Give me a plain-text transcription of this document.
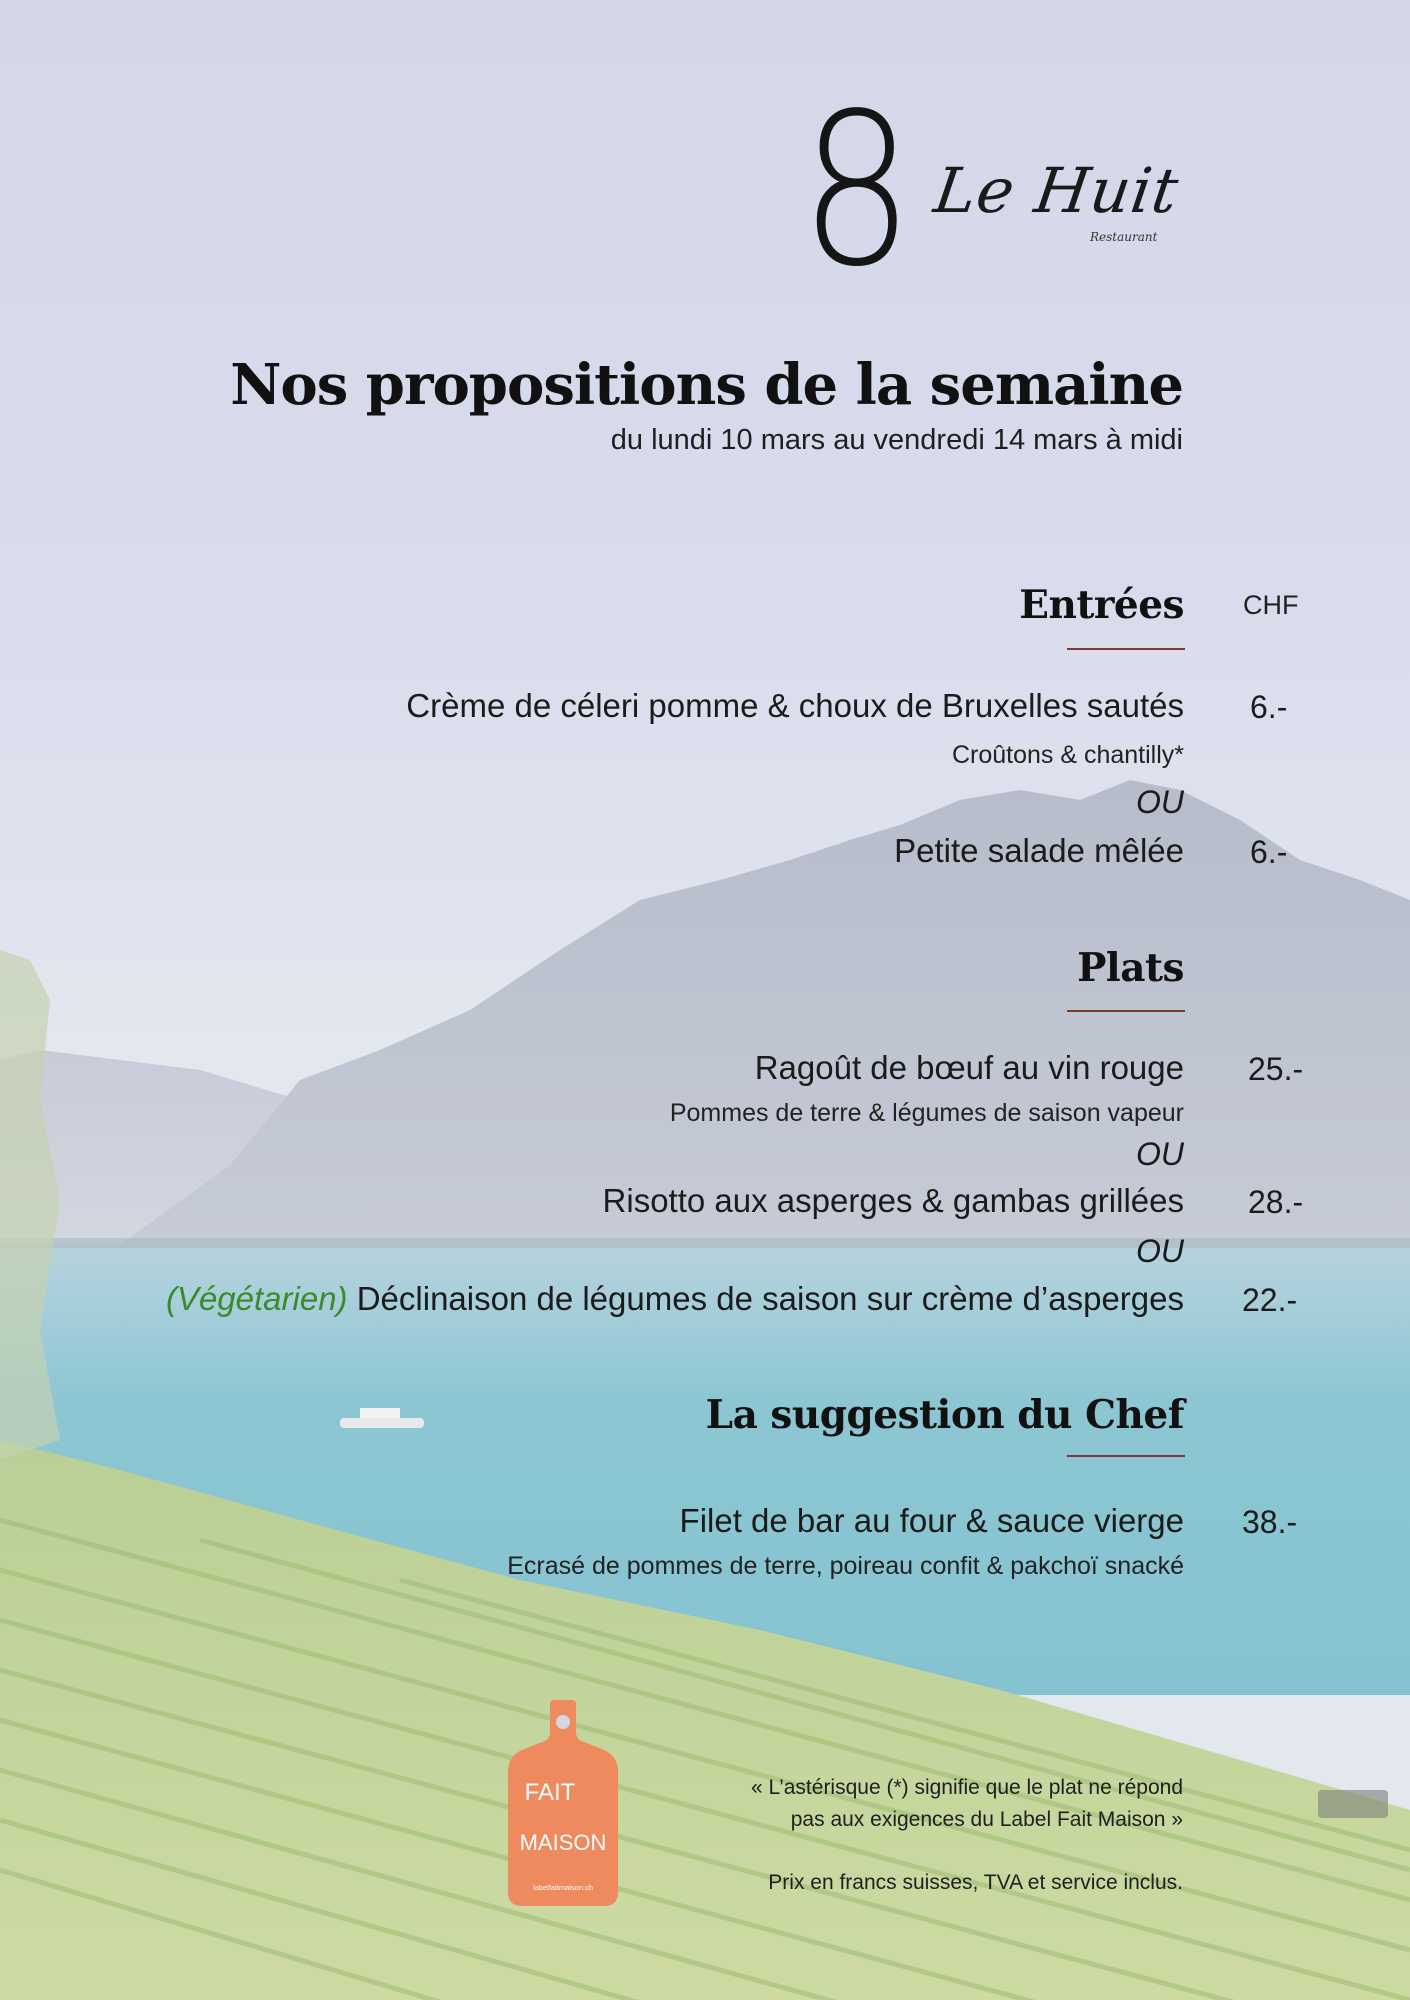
8 Le Huit
Restaurant
Nos propositions de la semaine
du lundi 10 mars au vendredi 14 mars à midi
Entrées CHF
Crème de céleri pomme & choux de Bruxelles sautés 6.-
Croûtons & chantilly*
OU
Petite salade mêlée 6.-
Plats
Ragoût de bœuf au vin rouge 25.-
Pommes de terre & légumes de saison vapeur
OU
Risotto aux asperges & gambas grillées 28.-
OU
(Végétarien) Déclinaison de légumes de saison sur crème d’asperges 22.-
La suggestion du Chef
Filet de bar au four & sauce vierge 38.-
Ecrasé de pommes de terre, poireau confit & pakchoï snacké
FAIT
MAISON
labelfaitmaison.ch
« L’astérisque (*) signifie que le plat ne répond
pas aux exigences du Label Fait Maison »
Prix en francs suisses, TVA et service inclus.
